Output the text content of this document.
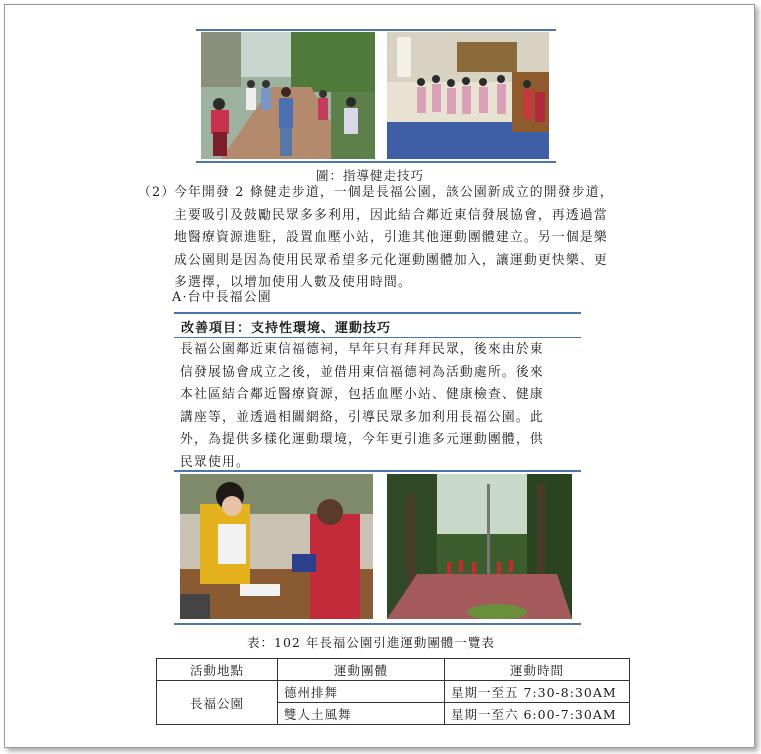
圖：指導健走技巧
（2）
今年開發 2 條健走步道，一個是長福公園，該公園新成立的開發步道，
主要吸引及鼓勵民眾多多利用，因此結合鄰近東信發展協會，再透過當
地醫療資源進駐，設置血壓小站，引進其他運動團體建立。另一個是樂
成公園則是因為使用民眾希望多元化運動團體加入，讓運動更快樂、更
多選擇，以增加使用人數及使用時間。
A·台中長福公園
改善項目：支持性環境、運動技巧
長福公園鄰近東信福德祠，早年只有拜拜民眾，後來由於東
信發展協會成立之後，並借用東信福德祠為活動處所。後來
本社區結合鄰近醫療資源，包括血壓小站、健康檢查、健康
講座等，並透過相關網絡，引導民眾多加利用長福公園。此
外，為提供多樣化運動環境，今年更引進多元運動團體，供
民眾使用。
表：102 年長福公園引進運動團體一覽表
活動地點	運動團體	運動時間
長福公園	德州排舞	星期一至五 7:30-8:30AM
	雙人土風舞	星期一至六 6:00-7:30AM
